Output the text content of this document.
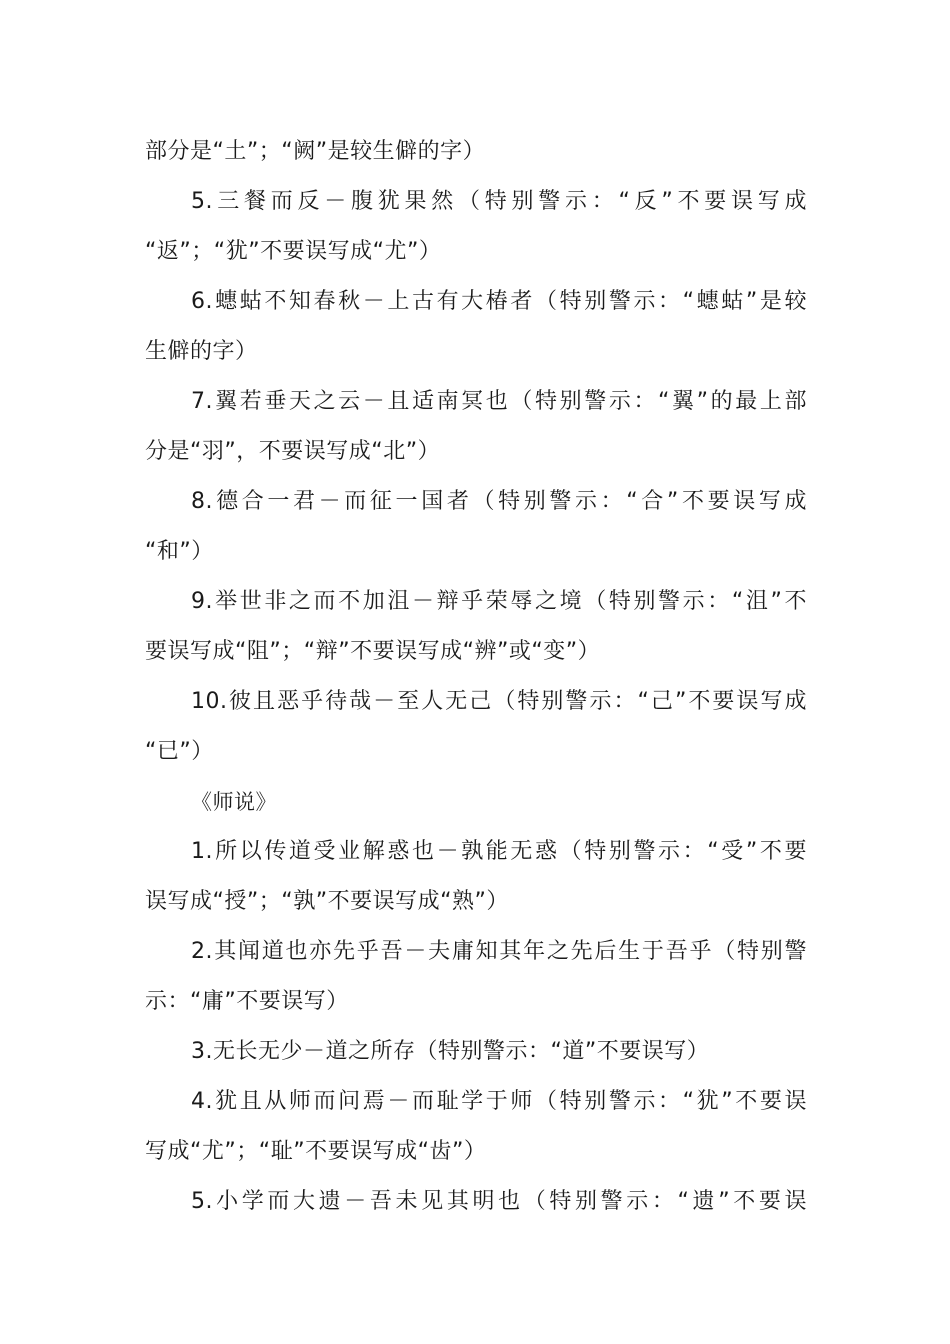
部分是“土”；“阙”是较生僻的字）
5.三餐而反－腹犹果然（特别警示：“反”不要误写成
“返”；“犹”不要误写成“尤”）
6.蟪蛄不知春秋－上古有大椿者（特别警示：“蟪蛄”是较
生僻的字）
7.翼若垂天之云－且适南冥也（特别警示：“翼”的最上部
分是“羽”，不要误写成“北”）
8.德合一君－而征一国者（特别警示：“合”不要误写成
“和”）
9.举世非之而不加沮－辩乎荣辱之境（特别警示：“沮”不
要误写成“阻”；“辩”不要误写成“辨”或“变”）
10.彼且恶乎待哉－至人无己（特别警示：“己”不要误写成
“已”）
《师说》
1.所以传道受业解惑也－孰能无惑（特别警示：“受”不要
误写成“授”；“孰”不要误写成“熟”）
2.其闻道也亦先乎吾－夫庸知其年之先后生于吾乎（特别警
示：“庸”不要误写）
3.无长无少－道之所存（特别警示：“道”不要误写）
4.犹且从师而问焉－而耻学于师（特别警示：“犹”不要误
写成“尤”；“耻”不要误写成“齿”）
5.小学而大遗－吾未见其明也（特别警示：“遗”不要误
